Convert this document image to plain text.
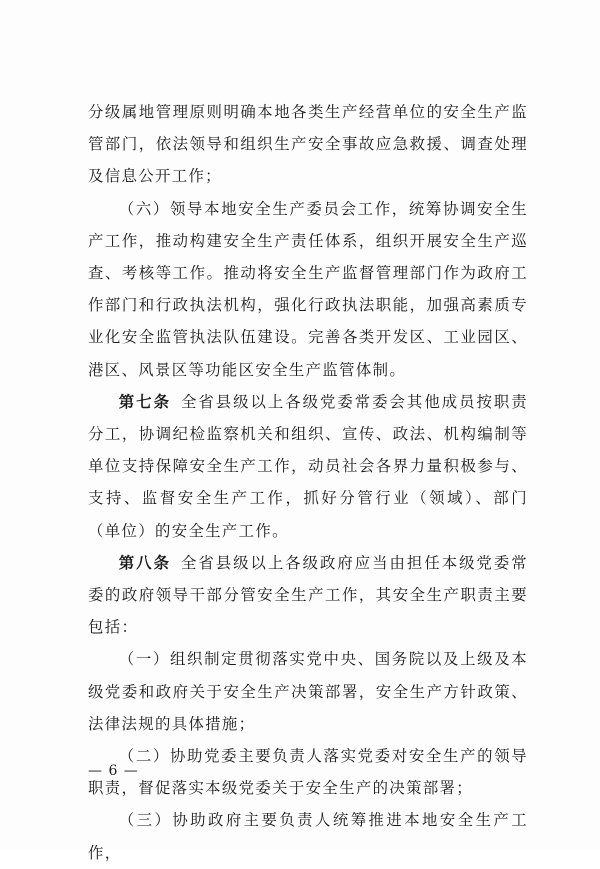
分级属地管理原则明确本地各类生产经营单位的安全生产监管部门，依法领导和组织生产安全事故应急救援、调查处理及信息公开工作；

（六）领导本地安全生产委员会工作，统筹协调安全生产工作，推动构建安全生产责任体系，组织开展安全生产巡查、考核等工作。推动将安全生产监督管理部门作为政府工作部门和行政执法机构，强化行政执法职能，加强高素质专业化安全监管执法队伍建设。完善各类开发区、工业园区、港区、风景区等功能区安全生产监管体制。

第七条 全省县级以上各级党委常委会其他成员按职责分工，协调纪检监察机关和组织、宣传、政法、机构编制等单位支持保障安全生产工作，动员社会各界力量积极参与、支持、监督安全生产工作，抓好分管行业（领域）、部门（单位）的安全生产工作。

第八条 全省县级以上各级政府应当由担任本级党委常委的政府领导干部分管安全生产工作，其安全生产职责主要包括：

（一）组织制定贯彻落实党中央、国务院以及上级及本级党委和政府关于安全生产决策部署，安全生产方针政策、法律法规的具体措施；

（二）协助党委主要负责人落实党委对安全生产的领导职责，督促落实本级党委关于安全生产的决策部署；

（三）协助政府主要负责人统筹推进本地安全生产工作，

— 6 —
